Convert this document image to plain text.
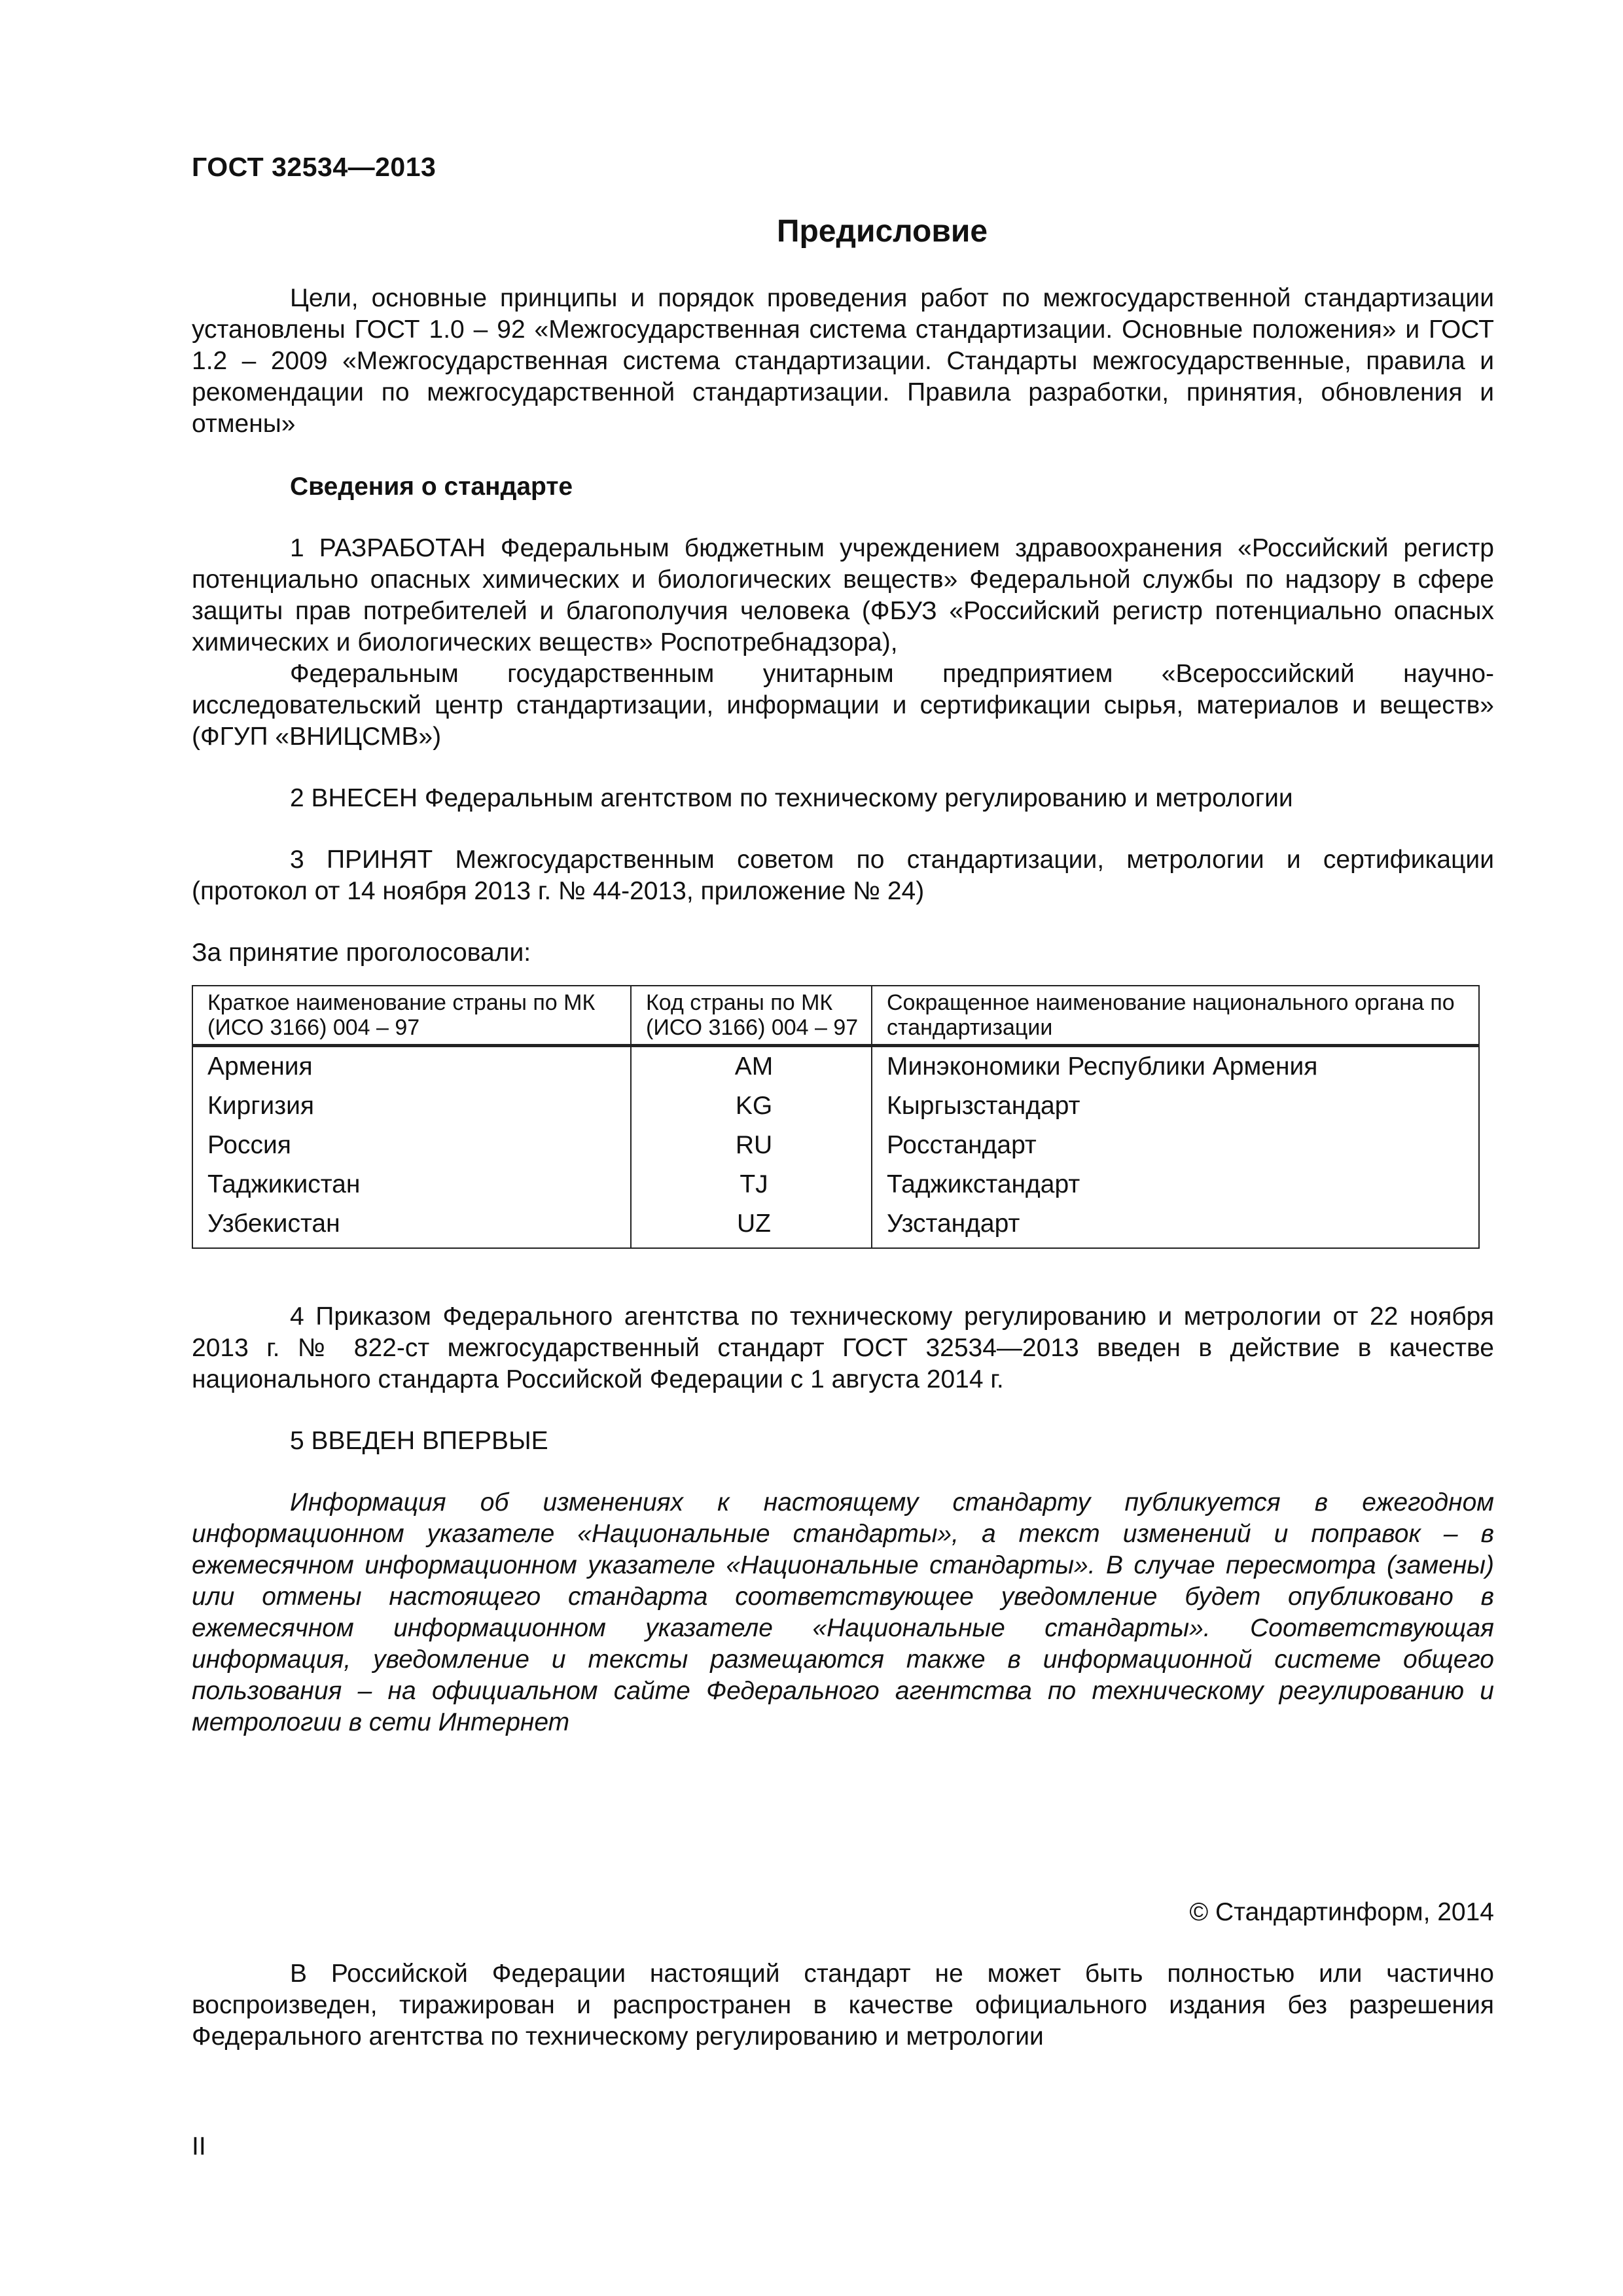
ГОСТ 32534—2013
Предисловие

Цели, основные принципы и порядок проведения работ по межгосударственной стандартизации установлены ГОСТ 1.0 – 92 «Межгосударственная система стандартизации. Основные положения» и ГОСТ 1.2 – 2009 «Межгосударственная система стандартизации. Стандарты межгосударственные, правила и рекомендации по межгосударственной стандартизации. Правила разработки, принятия, обновления и отмены»

Сведения о стандарте

1 РАЗРАБОТАН Федеральным бюджетным учреждением здравоохранения «Российский регистр потенциально опасных химических и биологических веществ» Федеральной службы по надзору в сфере защиты прав потребителей и благополучия человека (ФБУЗ «Российский регистр потенциально опасных химических и биологических веществ» Роспотребнадзора),

Федеральным государственным унитарным предприятием «Всероссийский научно-исследовательский центр стандартизации, информации и сертификации сырья, материалов и веществ» (ФГУП «ВНИЦСМВ»)

2 ВНЕСЕН Федеральным агентством по техническому регулированию и метрологии

3 ПРИНЯТ Межгосударственным советом по стандартизации, метрологии и сертификации (протокол от 14 ноября 2013 г. № 44-2013, приложение № 24)

За принятие проголосовали:

Краткое наименование страны по МК (ИСО 3166) 004 – 97	Код страны по МК (ИСО 3166) 004 – 97	Сокращенное наименование национального органа по стандартизации
Армения	AM	Минэкономики Республики Армения
Киргизия	KG	Кыргызстандарт
Россия	RU	Росстандарт
Таджикистан	TJ	Таджикстандарт
Узбекистан	UZ	Узстандарт

4 Приказом Федерального агентства по техническому регулированию и метрологии от 22 ноября 2013 г. № 822-ст межгосударственный стандарт ГОСТ 32534—2013 введен в действие в качестве национального стандарта Российской Федерации с 1 августа 2014 г.

5 ВВЕДЕН ВПЕРВЫЕ

Информация об изменениях к настоящему стандарту публикуется в ежегодном информационном указателе «Национальные стандарты», а текст изменений и поправок – в ежемесячном информационном указателе «Национальные стандарты». В случае пересмотра (замены) или отмены настоящего стандарта соответствующее уведомление будет опубликовано в ежемесячном информационном указателе «Национальные стандарты». Соответствующая информация, уведомление и тексты размещаются также в информационной системе общего пользования – на официальном сайте Федерального агентства по техническому регулированию и метрологии в сети Интернет

© Стандартинформ, 2014

В Российской Федерации настоящий стандарт не может быть полностью или частично воспроизведен, тиражирован и распространен в качестве официального издания без разрешения Федерального агентства по техническому регулированию и метрологии

II
